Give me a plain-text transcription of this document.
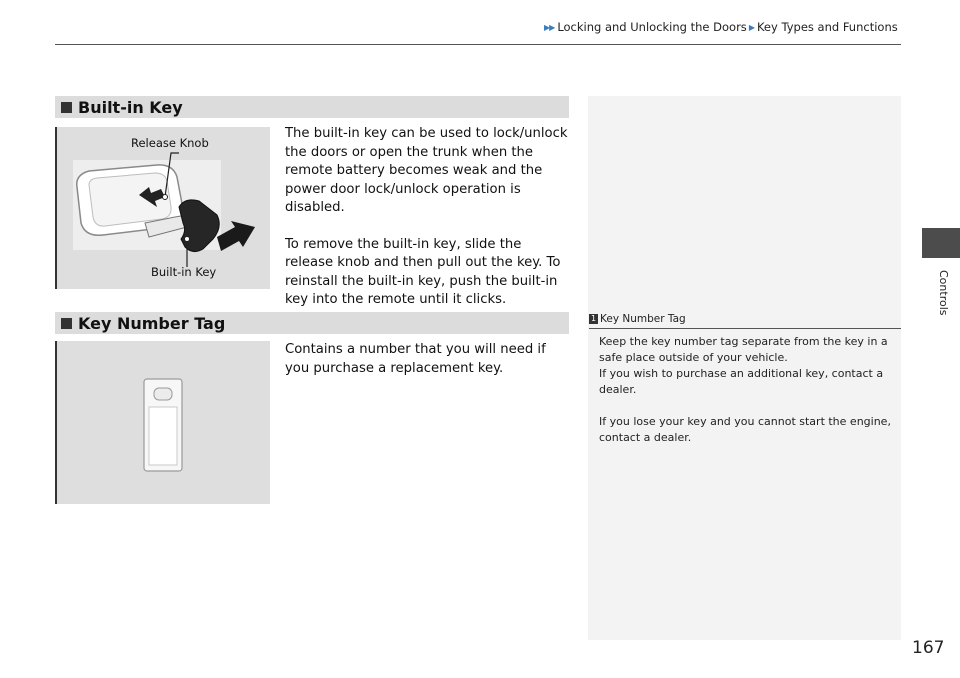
▶▶ Locking and Unlocking the Doors ▶ Key Types and Functions
Controls
Built-in Key
Release Knob
Built-in Key

The built-in key can be used to lock/unlock the doors or open the trunk when the remote battery becomes weak and the power door lock/unlock operation is disabled.

To remove the built-in key, slide the release knob and then pull out the key. To reinstall the built-in key, push the built-in key into the remote until it clicks.

Key Number Tag

Contains a number that you will need if you purchase a replacement key.

1 Key Number Tag

Keep the key number tag separate from the key in a safe place outside of your vehicle.

If you wish to purchase an additional key, contact a dealer.

If you lose your key and you cannot start the engine, contact a dealer.

167
